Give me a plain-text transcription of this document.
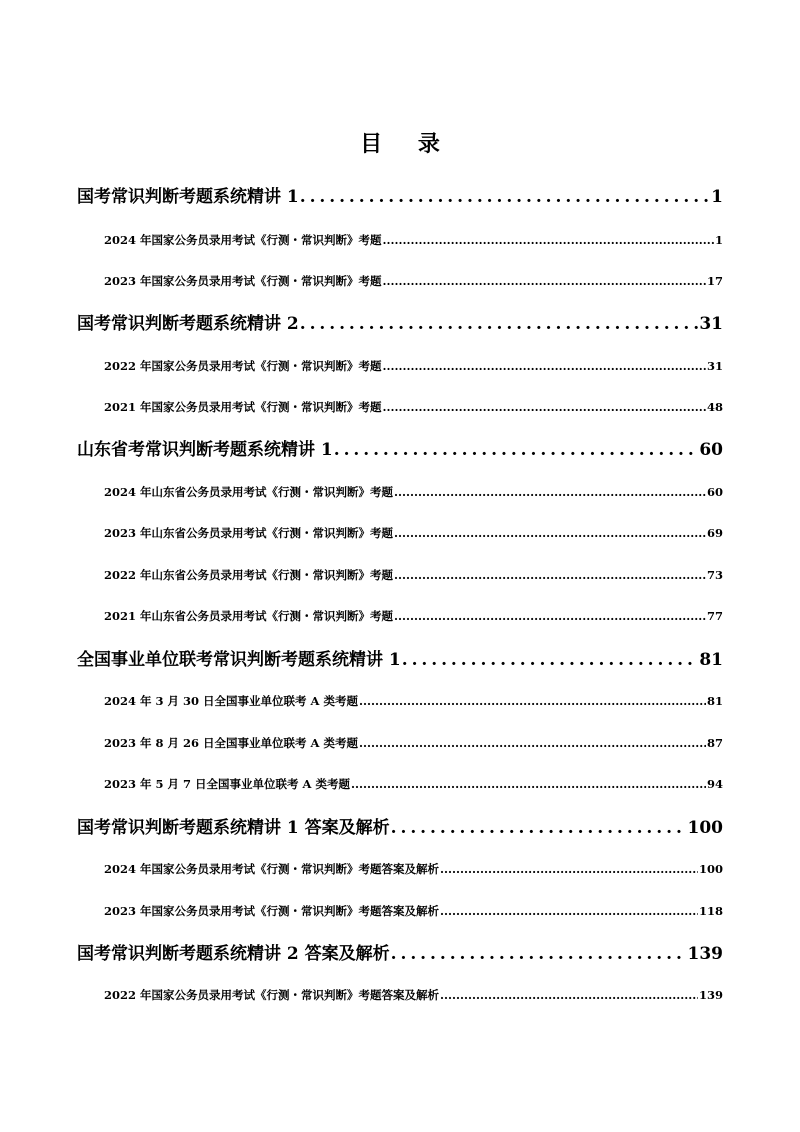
目 录
国考常识判断考题系统精讲 1 . . .	1
2024 年国家公务员录用考试《行测・常识判断》考题 .....	1
2023 年国家公务员录用考试《行测・常识判断》考题 .....	17
国考常识判断考题系统精讲 2 . . .	31
2022 年国家公务员录用考试《行测・常识判断》考题 .....	31
2021 年国家公务员录用考试《行测・常识判断》考题 .....	48
山东省考常识判断考题系统精讲 1 . . .	60
2024 年山东省公务员录用考试《行测・常识判断》考题 .....	60
2023 年山东省公务员录用考试《行测・常识判断》考题 .....	69
2022 年山东省公务员录用考试《行测・常识判断》考题 .....	73
2021 年山东省公务员录用考试《行测・常识判断》考题 .....	77
全国事业单位联考常识判断考题系统精讲 1 . . .	81
2024 年 3 月 30 日全国事业单位联考 A 类考题 .....	81
2023 年 8 月 26 日全国事业单位联考 A 类考题 .....	87
2023 年 5 月 7 日全国事业单位联考 A 类考题 .....	94
国考常识判断考题系统精讲 1 答案及解析 . . .	100
2024 年国家公务员录用考试《行测・常识判断》考题答案及解析 .....	100
2023 年国家公务员录用考试《行测・常识判断》考题答案及解析 .....	118
国考常识判断考题系统精讲 2 答案及解析 . . .	139
2022 年国家公务员录用考试《行测・常识判断》考题答案及解析 .....	139
